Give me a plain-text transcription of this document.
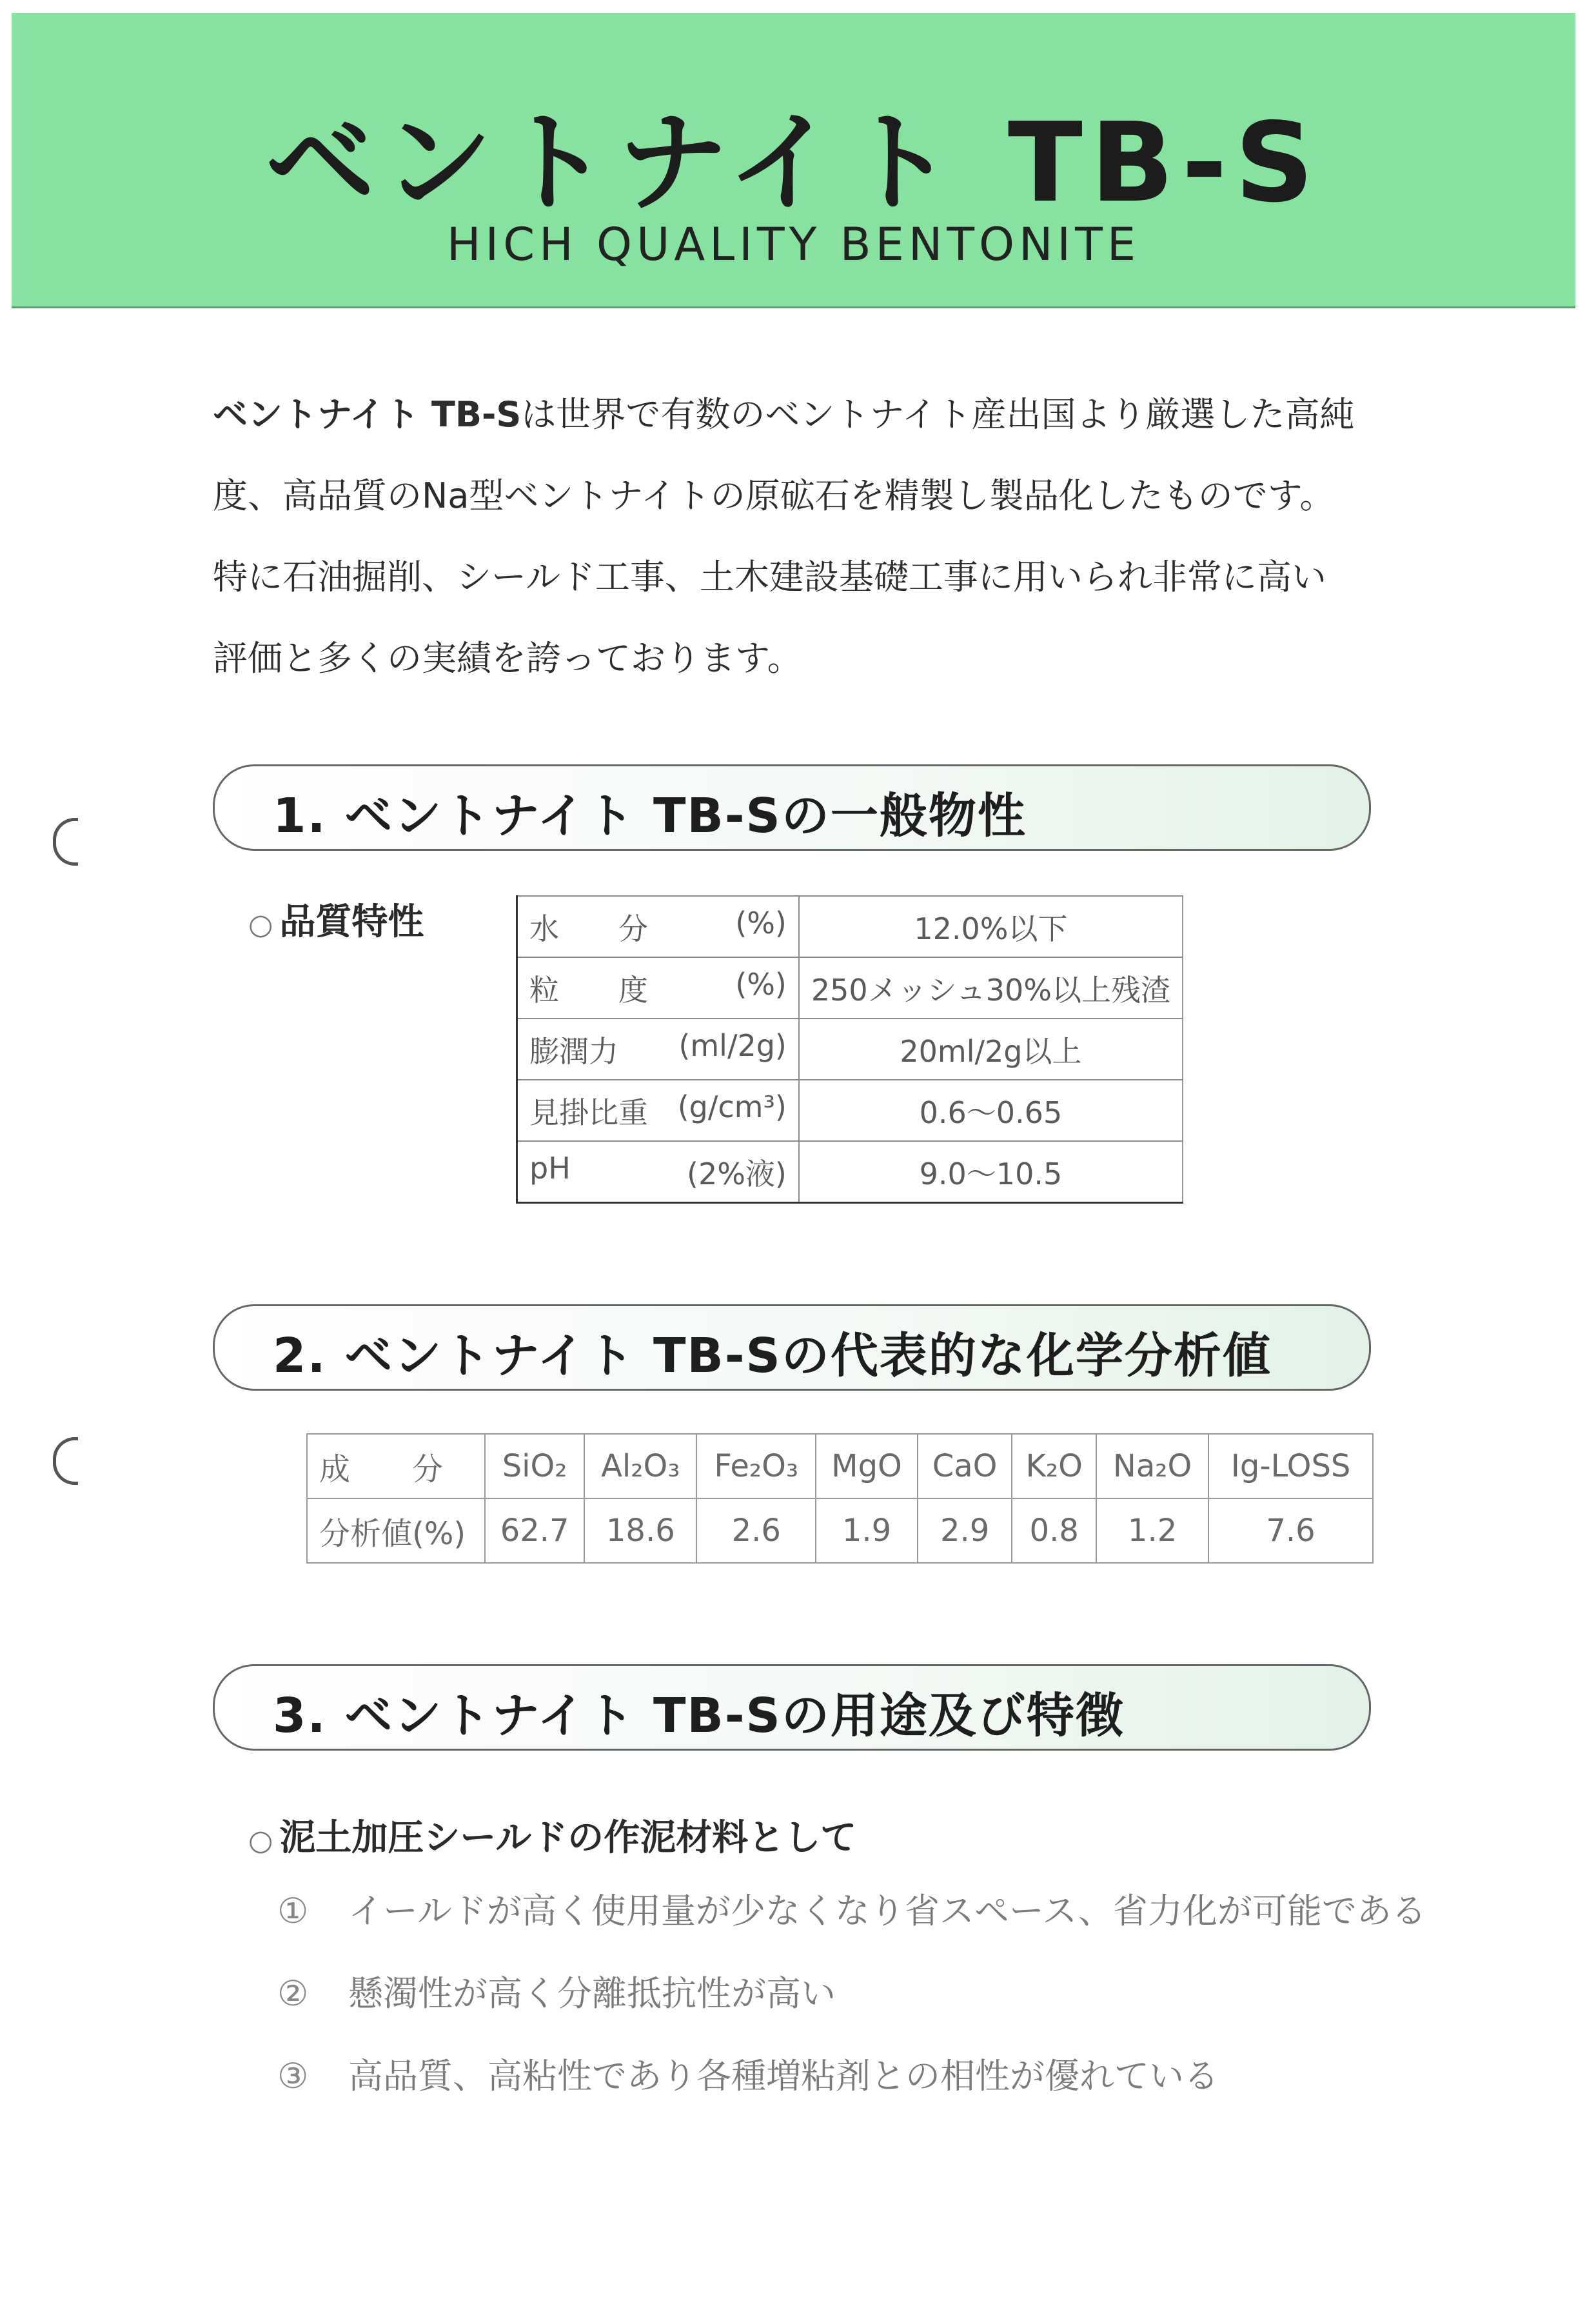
ベントナイト TB-S
HICH QUALITY BENTONITE
ベントナイト TB-Sは世界で有数のベントナイト産出国より厳選した高純
度、高品質のNa型ベントナイトの原砿石を精製し製品化したものです。
特に石油掘削、シールド工事、土木建設基礎工事に用いられ非常に高い
評価と多くの実績を誇っております。
1. ベントナイト TB-Sの一般物性
○ 品質特性	水　　分 (%)	12.0%以下
粒　　度 (%)	250メッシュ30%以上残渣
膨潤力 (ml/2g)	20ml/2g以上
見掛比重 (g/cm³)	0.6～0.65
pH (2%液)	9.0～10.5
2. ベントナイト TB-Sの代表的な化学分析値
成　　分	SiO₂	Al₂O₃	Fe₂O₃	MgO	CaO	K₂O	Na₂O	Ig-LOSS
分析値(%)	62.7	18.6	2.6	1.9	2.9	0.8	1.2	7.6
3. ベントナイト TB-Sの用途及び特徴
○ 泥土加圧シールドの作泥材料として
① イールドが高く使用量が少なくなり省スペース、省力化が可能である
② 懸濁性が高く分離抵抗性が高い
③ 高品質、高粘性であり各種増粘剤との相性が優れている
